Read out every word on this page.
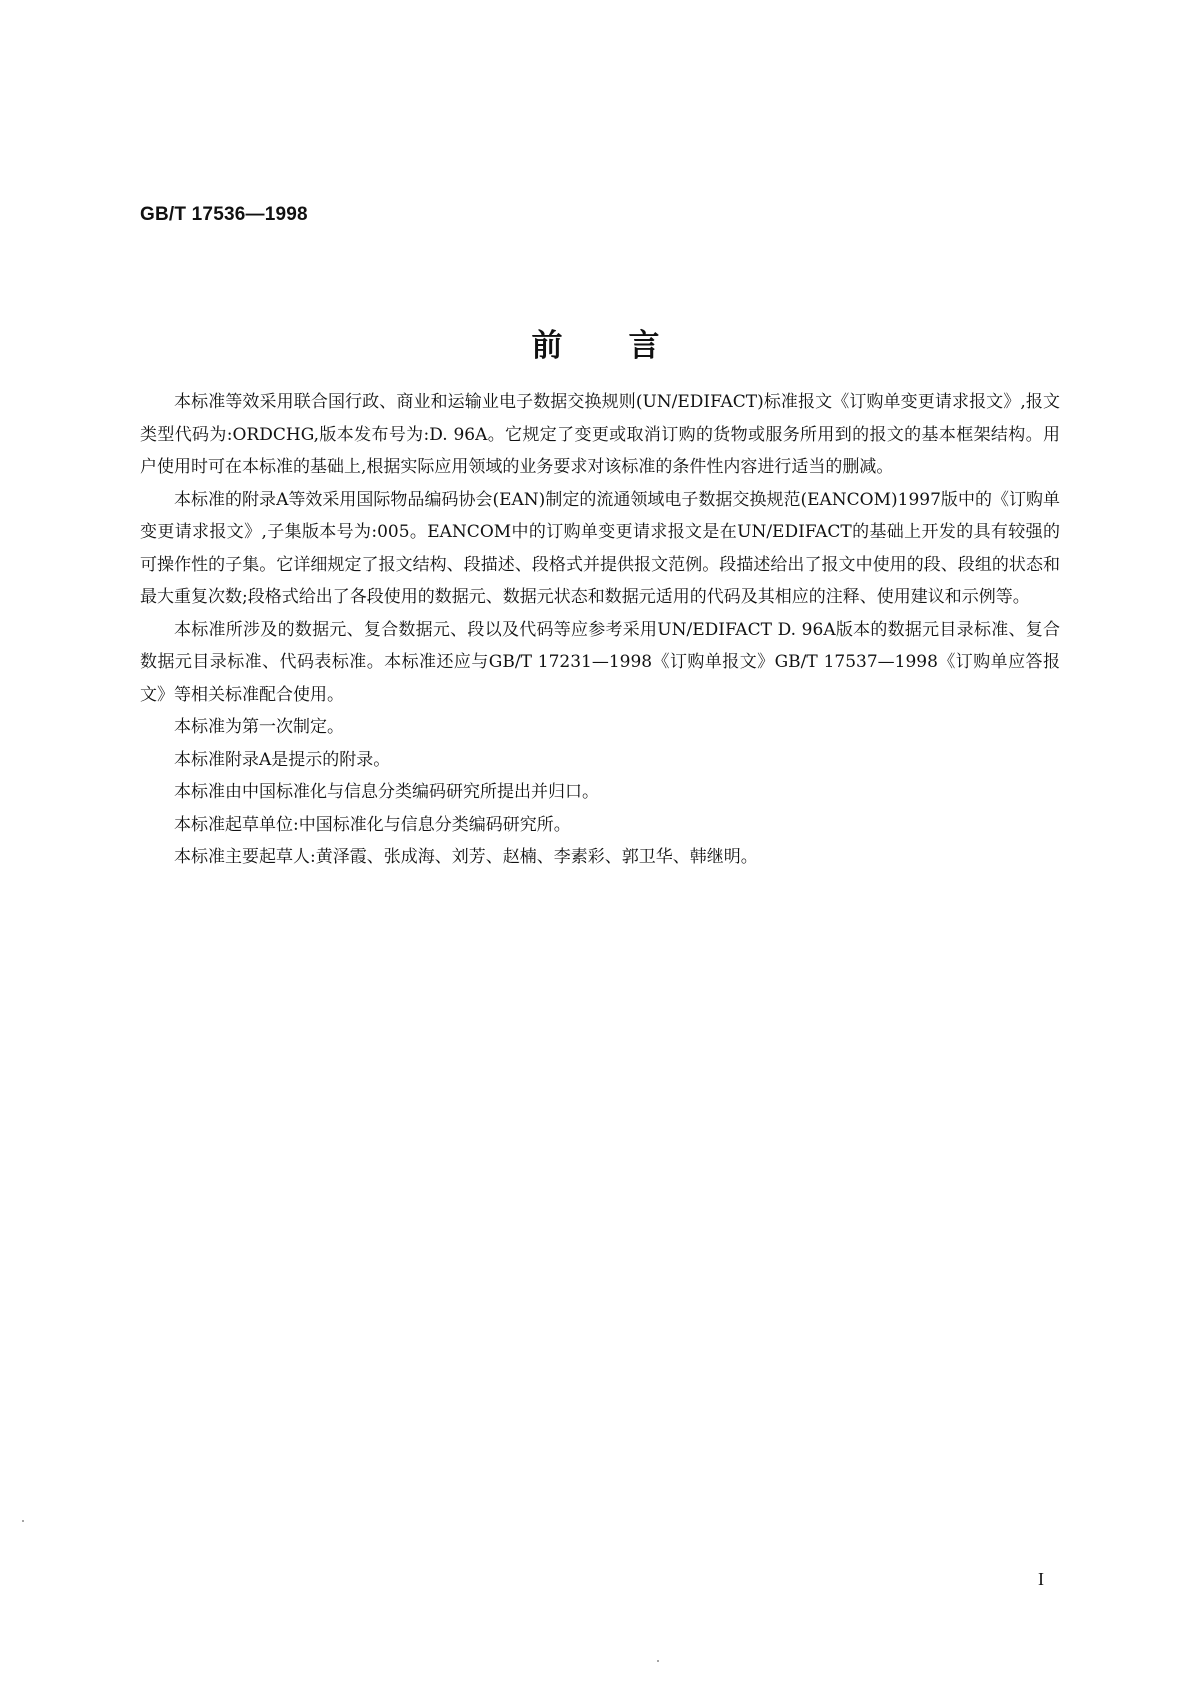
GB/T 17536—1998
前言

本标准等效采用联合国行政、商业和运输业电子数据交换规则(UN/EDIFACT)标准报文《订购单变更请求报文》,报文类型代码为:ORDCHG,版本发布号为:D. 96A。它规定了变更或取消订购的货物或服务所用到的报文的基本框架结构。用户使用时可在本标准的基础上,根据实际应用领域的业务要求对该标准的条件性内容进行适当的删减。

本标准的附录A等效采用国际物品编码协会(EAN)制定的流通领域电子数据交换规范(EANCOM)1997版中的《订购单变更请求报文》,子集版本号为:005。EANCOM中的订购单变更请求报文是在UN/EDIFACT的基础上开发的具有较强的可操作性的子集。它详细规定了报文结构、段描述、段格式并提供报文范例。段描述给出了报文中使用的段、段组的状态和最大重复次数;段格式给出了各段使用的数据元、数据元状态和数据元适用的代码及其相应的注释、使用建议和示例等。

本标准所涉及的数据元、复合数据元、段以及代码等应参考采用UN/EDIFACT D. 96A版本的数据元目录标准、复合数据元目录标准、代码表标准。本标准还应与GB/T 17231—1998《订购单报文》GB/T 17537—1998《订购单应答报文》等相关标准配合使用。

本标准为第一次制定。

本标准附录A是提示的附录。

本标准由中国标准化与信息分类编码研究所提出并归口。

本标准起草单位:中国标准化与信息分类编码研究所。

本标准主要起草人:黄泽霞、张成海、刘芳、赵楠、李素彩、郭卫华、韩继明。

I
